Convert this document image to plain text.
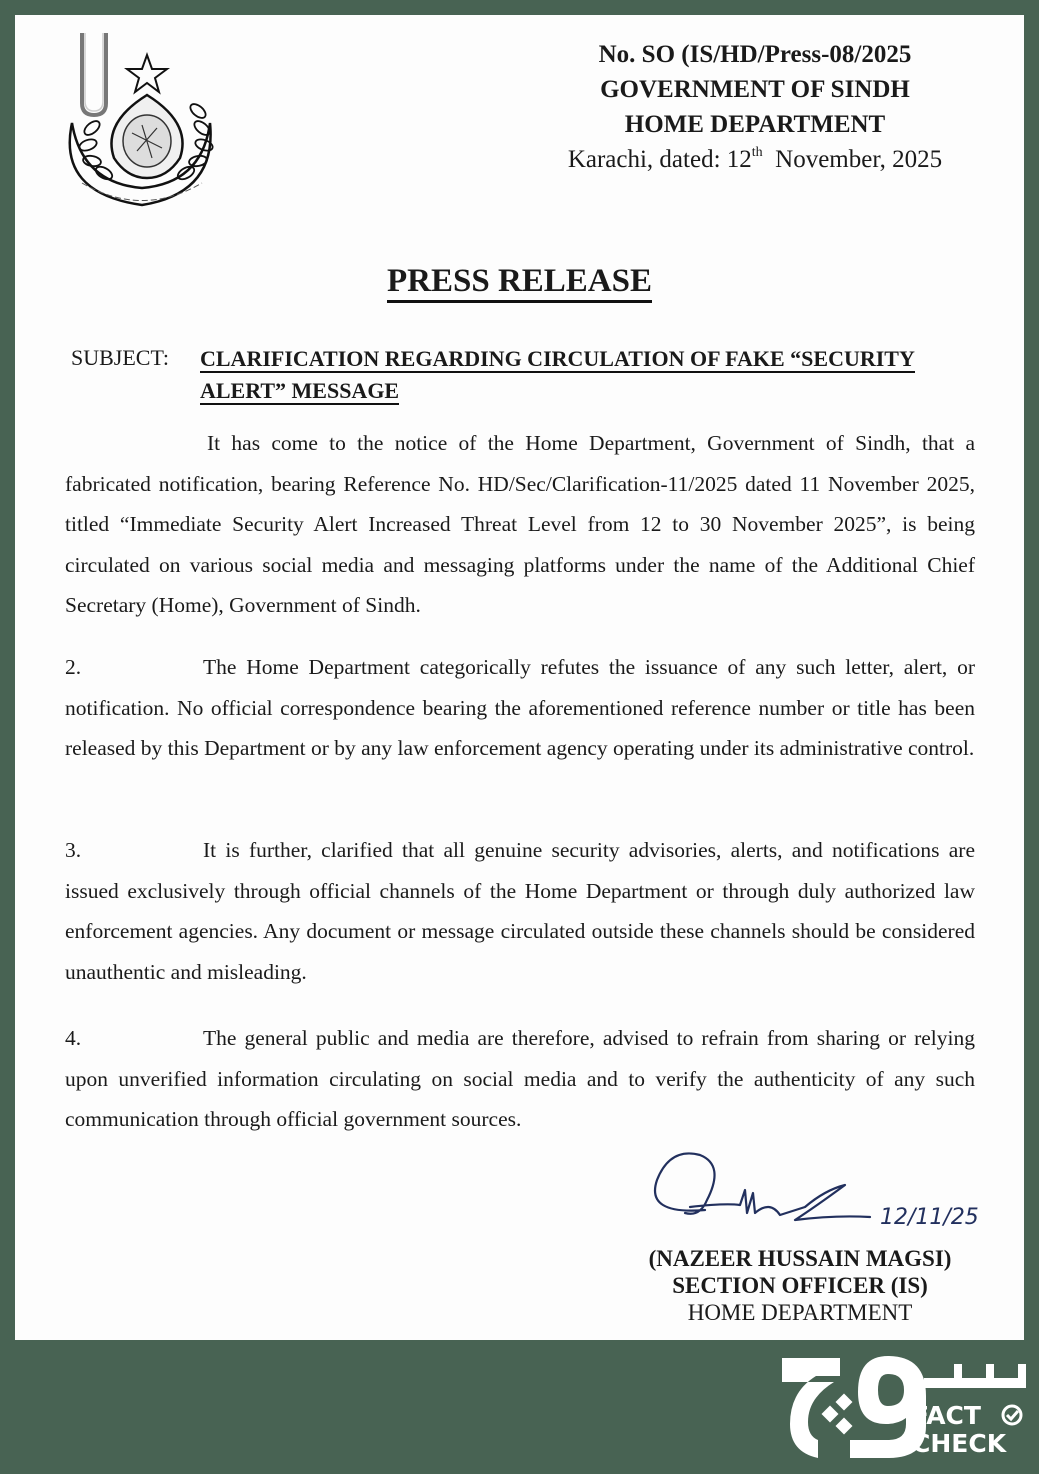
No. SO (IS/HD/Press-08/2025
GOVERNMENT OF SINDH
HOME DEPARTMENT
Karachi, dated: 12th November, 2025
PRESS RELEASE
SUBJECT: CLARIFICATION REGARDING CIRCULATION OF FAKE “SECURITY
ALERT” MESSAGE
It has come to the notice of the Home Department, Government of Sindh, that a fabricated notification, bearing Reference No. HD/Sec/Clarification-11/2025 dated 11 November 2025, titled “Immediate Security Alert Increased Threat Level from 12 to 30 November 2025”, is being circulated on various social media and messaging platforms under the name of the Additional Chief Secretary (Home), Government of Sindh.
2.	The Home Department categorically refutes the issuance of any such letter, alert, or notification. No official correspondence bearing the aforementioned reference number or title has been released by this Department or by any law enforcement agency operating under its administrative control.
3.	It is further, clarified that all genuine security advisories, alerts, and notifications are issued exclusively through official channels of the Home Department or through duly authorized law enforcement agencies. Any document or message circulated outside these channels should be considered unauthentic and misleading.
4.	The general public and media are therefore, advised to refrain from sharing or relying upon unverified information circulating on social media and to verify the authenticity of any such communication through official government sources.
12/11/25
(NAZEER HUSSAIN MAGSI)
SECTION OFFICER (IS)
HOME DEPARTMENT
FACT
CHECK
